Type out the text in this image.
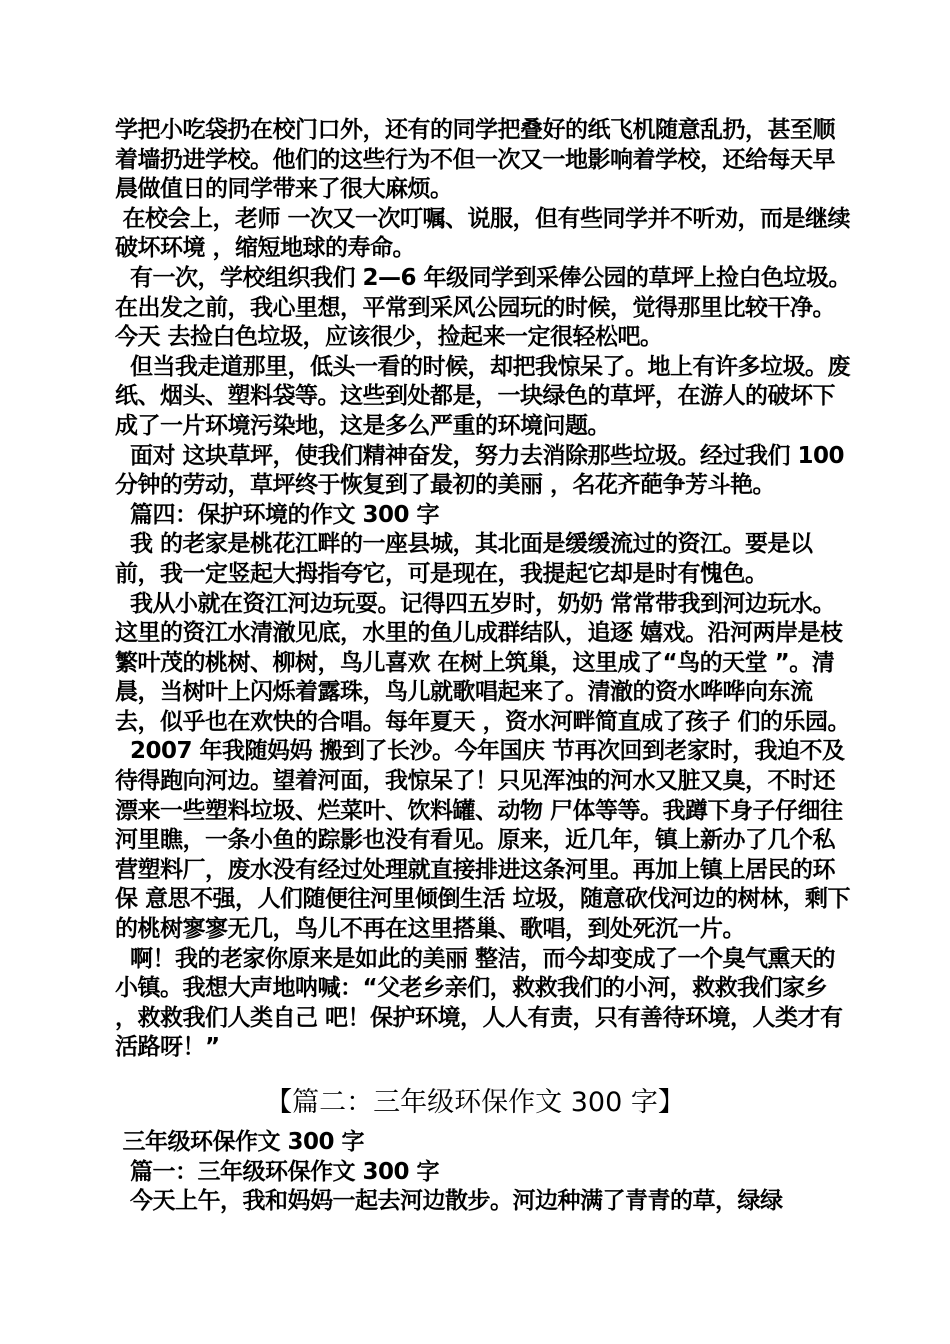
学把小吃袋扔在校门口外，还有的同学把叠好的纸飞机随意乱扔，甚至顺着墙扔进学校。他们的这些行为不但一次又一地影响着学校，还给每天早晨做值日的同学带来了很大麻烦。

在校会上，老师 一次又一次叮嘱、说服，但有些同学并不听劝，而是继续破坏环境 ，缩短地球的寿命。

有一次，学校组织我们 2—6 年级同学到采俸公园的草坪上捡白色垃圾。在出发之前，我心里想，平常到采风公园玩的时候，觉得那里比较干净。今天 去捡白色垃圾，应该很少，捡起来一定很轻松吧。

但当我走道那里，低头一看的时候，却把我惊呆了。地上有许多垃圾。废纸、烟头、塑料袋等。这些到处都是，一块绿色的草坪，在游人的破坏下成了一片环境污染地，这是多么严重的环境问题。

面对 这块草坪，使我们精神奋发，努力去消除那些垃圾。经过我们 100 分钟的劳动，草坪终于恢复到了最初的美丽 ，名花齐葩争芳斗艳。

篇四：保护环境的作文 300 字

我 的老家是桃花江畔的一座县城，其北面是缓缓流过的资江。要是以前，我一定竖起大拇指夸它，可是现在，我提起它却是时有愧色。

我从小就在资江河边玩耍。记得四五岁时，奶奶 常常带我到河边玩水。这里的资江水清澈见底，水里的鱼儿成群结队，追逐 嬉戏。沿河两岸是枝繁叶茂的桃树、柳树，鸟儿喜欢 在树上筑巢，这里成了“鸟的天堂 ”。清晨，当树叶上闪烁着露珠，鸟儿就歌唱起来了。清澈的资水哗哗向东流去，似乎也在欢快的合唱。每年夏天 ，资水河畔简直成了孩子 们的乐园。

2007 年我随妈妈 搬到了长沙。今年国庆 节再次回到老家时，我迫不及待得跑向河边。望着河面，我惊呆了！只见浑浊的河水又脏又臭，不时还漂来一些塑料垃圾、烂菜叶、饮料罐、动物 尸体等等。我蹲下身子仔细往河里瞧，一条小鱼的踪影也没有看见。原来，近几年，镇上新办了几个私营塑料厂，废水没有经过处理就直接排进这条河里。再加上镇上居民的环保 意思不强，人们随便往河里倾倒生活 垃圾，随意砍伐河边的树林，剩下的桃树寥寥无几，鸟儿不再在这里搭巢、歌唱，到处死沉一片。

啊！我的老家你原来是如此的美丽 整洁，而今却变成了一个臭气熏天的小镇。我想大声地呐喊：“父老乡亲们，救救我们的小河，救救我们家乡 ，救救我们人类自己 吧！保护环境，人人有责，只有善待环境，人类才有活路呀！”

【篇二：三年级环保作文 300 字】

三年级环保作文 300 字

篇一：三年级环保作文 300 字

今天上午，我和妈妈一起去河边散步。河边种满了青青的草，绿绿
